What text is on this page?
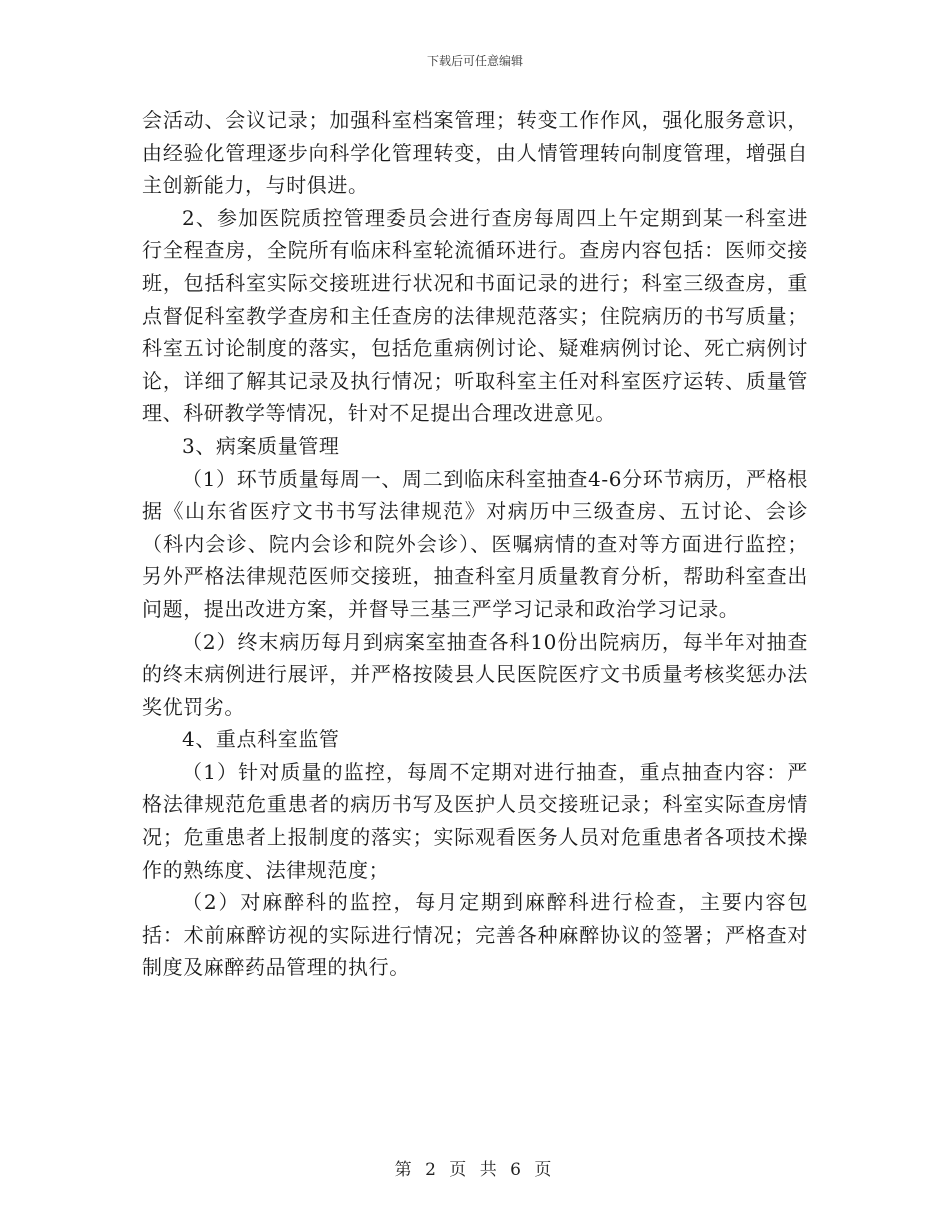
下载后可任意编辑

会活动、会议记录；加强科室档案管理；转变工作作风，强化服务意识，由经验化管理逐步向科学化管理转变，由人情管理转向制度管理，增强自主创新能力，与时俱进。

2、参加医院质控管理委员会进行查房每周四上午定期到某一科室进行全程查房，全院所有临床科室轮流循环进行。查房内容包括：医师交接班，包括科室实际交接班进行状况和书面记录的进行；科室三级查房，重点督促科室教学查房和主任查房的法律规范落实；住院病历的书写质量；科室五讨论制度的落实，包括危重病例讨论、疑难病例讨论、死亡病例讨论，详细了解其记录及执行情况；听取科室主任对科室医疗运转、质量管理、科研教学等情况，针对不足提出合理改进意见。

3、病案质量管理

（1）环节质量每周一、周二到临床科室抽查4-6分环节病历，严格根据《山东省医疗文书书写法律规范》对病历中三级查房、五讨论、会诊（科内会诊、院内会诊和院外会诊）、医嘱病情的查对等方面进行监控；另外严格法律规范医师交接班，抽查科室月质量教育分析，帮助科室查出问题，提出改进方案，并督导三基三严学习记录和政治学习记录。

（2）终末病历每月到病案室抽查各科10份出院病历，每半年对抽查的终末病例进行展评，并严格按陵县人民医院医疗文书质量考核奖惩办法奖优罚劣。

4、重点科室监管

（1）针对质量的监控，每周不定期对进行抽查，重点抽查内容：严格法律规范危重患者的病历书写及医护人员交接班记录；科室实际查房情况；危重患者上报制度的落实；实际观看医务人员对危重患者各项技术操作的熟练度、法律规范度；

（2）对麻醉科的监控，每月定期到麻醉科进行检查，主要内容包括：术前麻醉访视的实际进行情况；完善各种麻醉协议的签署；严格查对制度及麻醉药品管理的执行。

第 2 页 共 6 页
